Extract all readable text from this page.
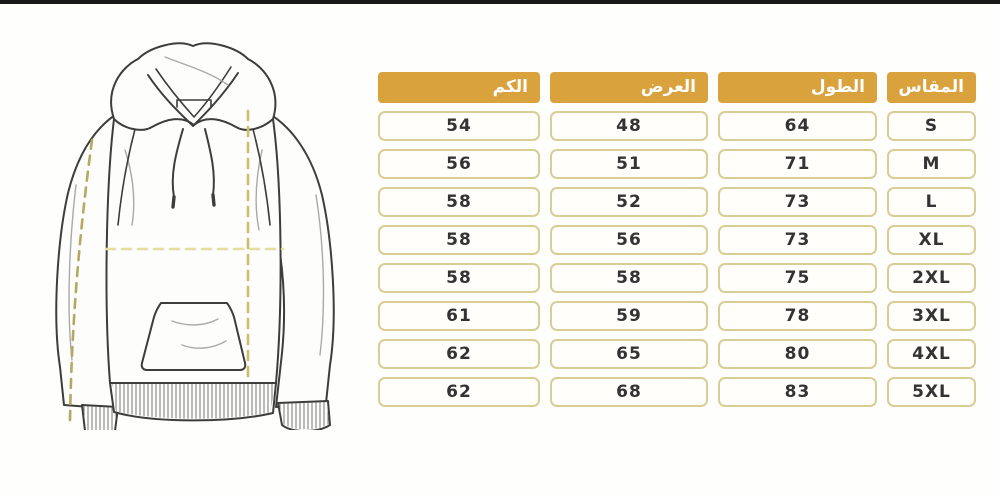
الكم	العرض	الطول	المقاس
54	48	64	S
56	51	71	M
58	52	73	L
58	56	73	XL
58	58	75	2XL
61	59	78	3XL
62	65	80	4XL
62	68	83	5XL
